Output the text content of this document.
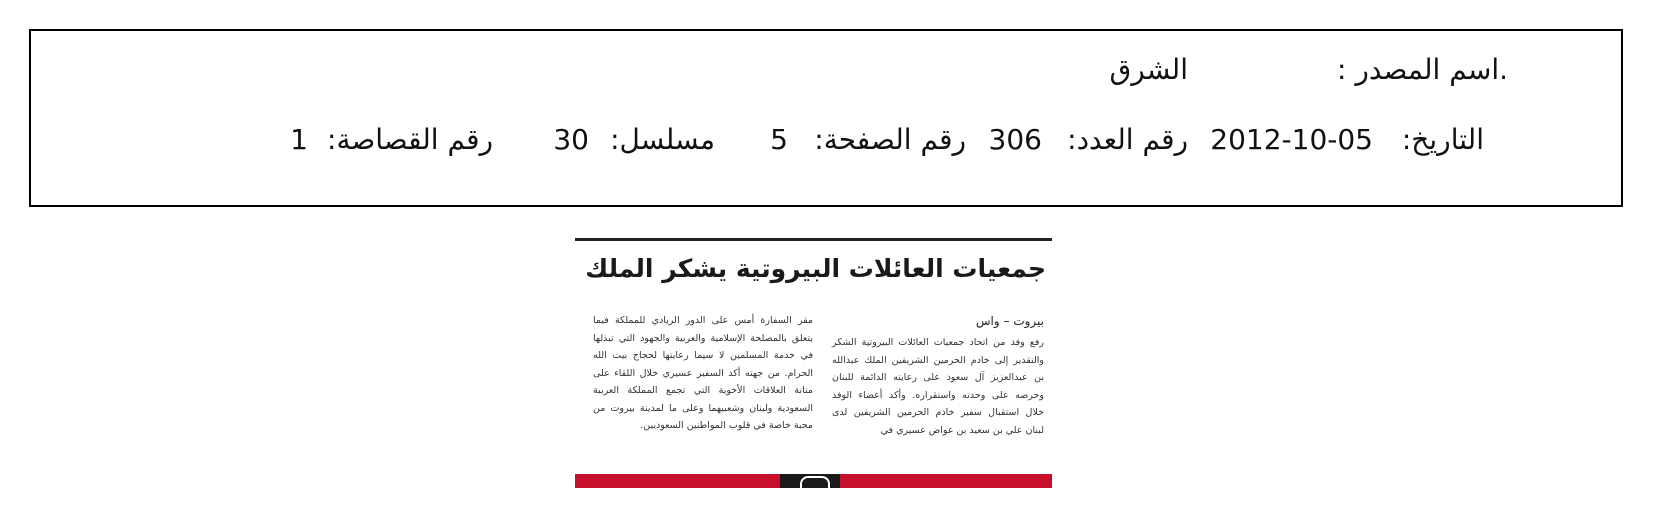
.اسم المصدر :
الشرق
التاريخ:
2012-10-05
رقم العدد:
306
رقم الصفحة:
5
مسلسل:
30
رقم القصاصة:
1
جمعيات العائلات البيروتية يشكر الملك
بيروت – واس
رفع وفد من اتحاد جمعيات العائلات البيروتية الشكر والتقدير إلى خادم الحرمين الشريفين الملك عبدالله بن عبدالعزيز آل سعود على رعايته الدائمة للبنان وحرصه على وحدته واستقراره. وأكد أعضاء الوفد خلال استقبال سفير خادم الحرمين الشريفين لدى لبنان علي بن سعيد بن عواض عسيري في
مقر السفارة أمس على الدور الريادي للمملكة فيما يتعلق بالمصلحة الإسلامية والعربية والجهود التي تبذلها في خدمة المسلمين لا سيما رعايتها لحجاج بيت الله الحرام. من جهته أكد السفير عسيري خلال اللقاء على متانة العلاقات الأخوية التي تجمع المملكة العربية السعودية ولبنان وشعبيهما وعلى ما لمدينة بيروت من محبة خاصة في قلوب المواطنين السعوديين.
